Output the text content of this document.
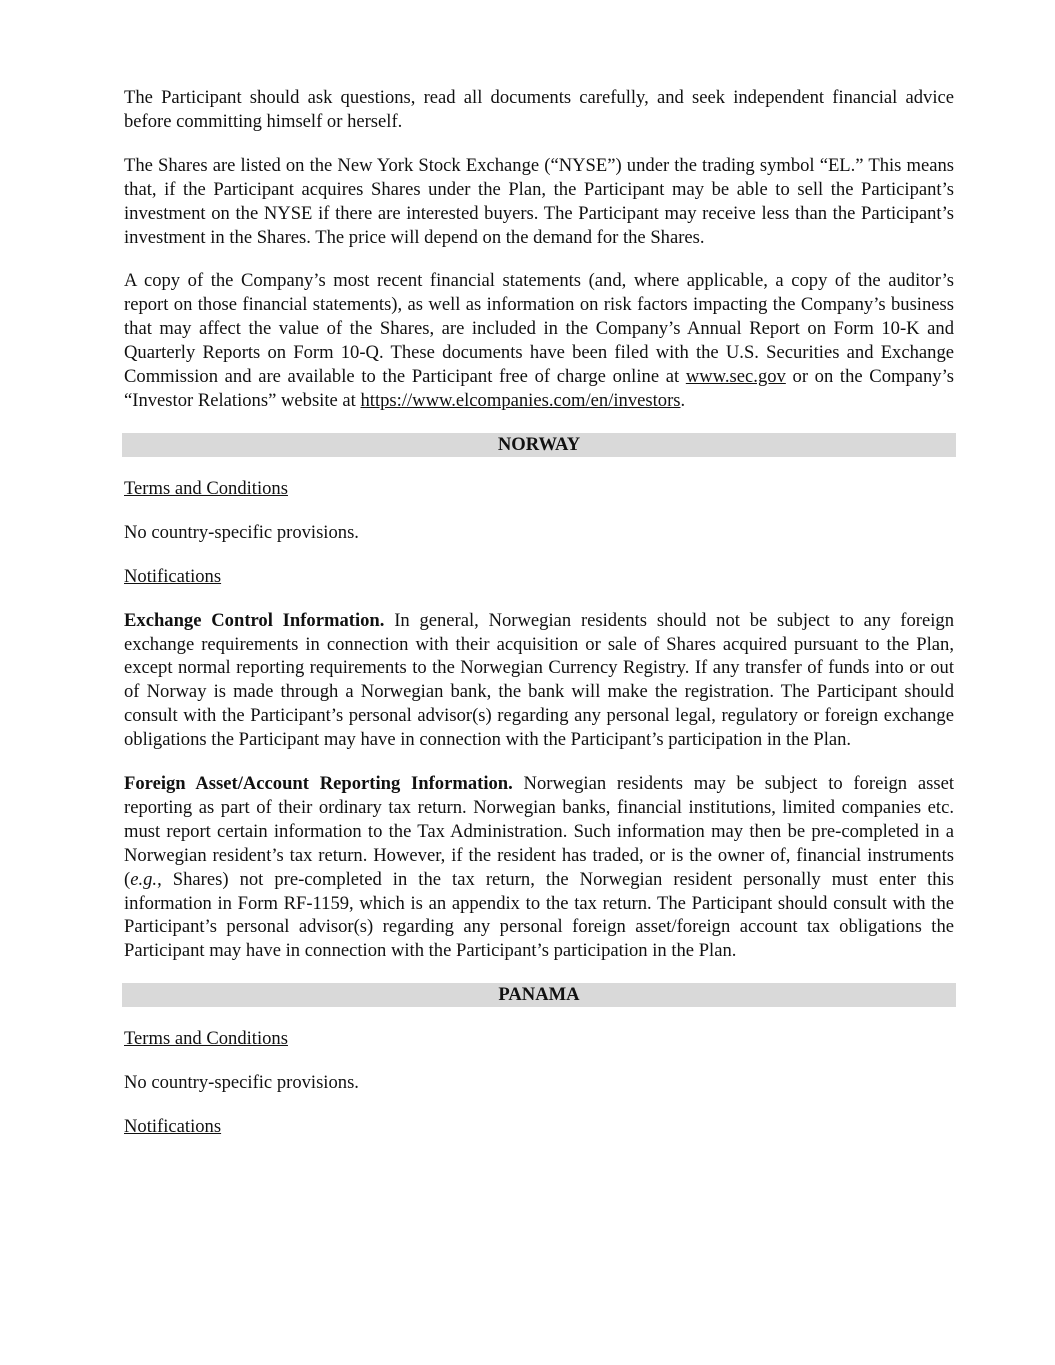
The Participant should ask questions, read all documents carefully, and seek independent financial advice before committing himself or herself.

The Shares are listed on the New York Stock Exchange (“NYSE”) under the trading symbol “EL.” This means that, if the Participant acquires Shares under the Plan, the Participant may be able to sell the Participant’s investment on the NYSE if there are interested buyers. The Participant may receive less than the Participant’s investment in the Shares. The price will depend on the demand for the Shares.

A copy of the Company’s most recent financial statements (and, where applicable, a copy of the auditor’s report on those financial statements), as well as information on risk factors impacting the Company’s business that may affect the value of the Shares, are included in the Company’s Annual Report on Form 10-K and Quarterly Reports on Form 10-Q. These documents have been filed with the U.S. Securities and Exchange Commission and are available to the Participant free of charge online at www.sec.gov or on the Company’s “Investor Relations” website at https://www.elcompanies.com/en/investors.

NORWAY

Terms and Conditions

No country-specific provisions.

Notifications

Exchange Control Information. In general, Norwegian residents should not be subject to any foreign exchange requirements in connection with their acquisition or sale of Shares acquired pursuant to the Plan, except normal reporting requirements to the Norwegian Currency Registry. If any transfer of funds into or out of Norway is made through a Norwegian bank, the bank will make the registration. The Participant should consult with the Participant’s personal advisor(s) regarding any personal legal, regulatory or foreign exchange obligations the Participant may have in connection with the Participant’s participation in the Plan.

Foreign Asset/Account Reporting Information. Norwegian residents may be subject to foreign asset reporting as part of their ordinary tax return. Norwegian banks, financial institutions, limited companies etc. must report certain information to the Tax Administration. Such information may then be pre-completed in a Norwegian resident’s tax return. However, if the resident has traded, or is the owner of, financial instruments (e.g., Shares) not pre-completed in the tax return, the Norwegian resident personally must enter this information in Form RF-1159, which is an appendix to the tax return. The Participant should consult with the Participant’s personal advisor(s) regarding any personal foreign asset/foreign account tax obligations the Participant may have in connection with the Participant’s participation in the Plan.

PANAMA

Terms and Conditions

No country-specific provisions.

Notifications
